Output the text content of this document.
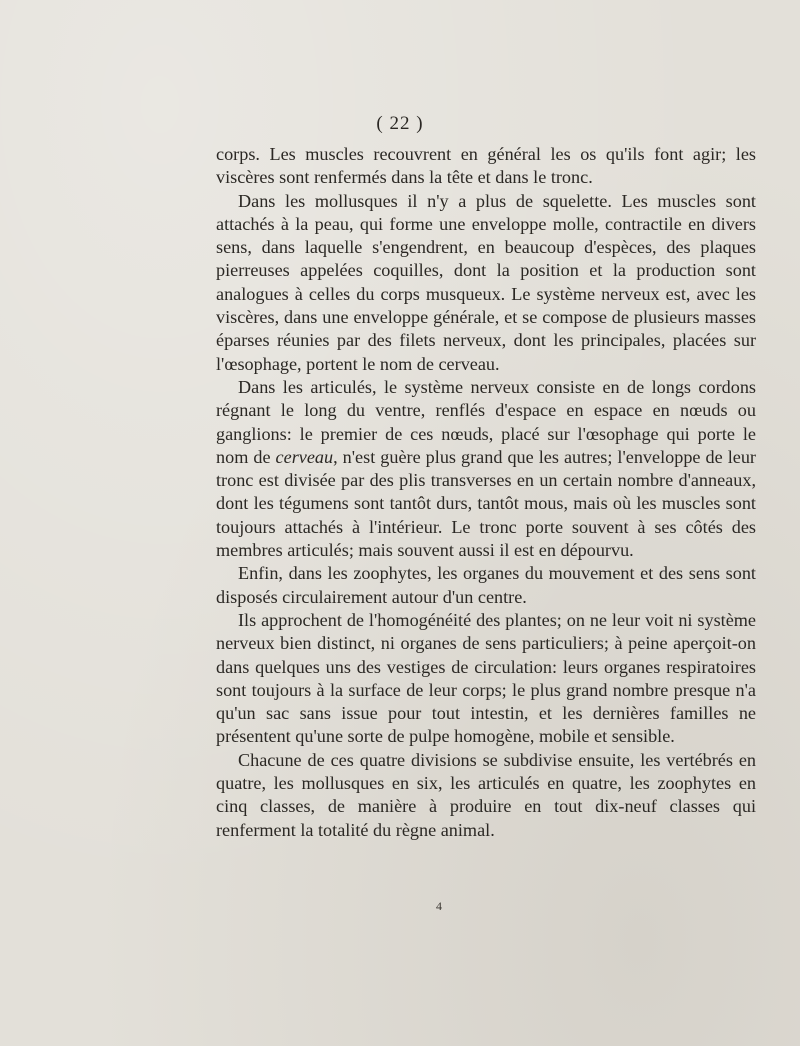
( 22 )

corps. Les muscles recouvrent en général les os qu'ils font agir; les viscères sont renfermés dans la tête et dans le tronc.

Dans les mollusques il n'y a plus de squelette. Les muscles sont attachés à la peau, qui forme une enveloppe molle, contractile en divers sens, dans laquelle s'engendrent, en beaucoup d'espèces, des plaques pierreuses appelées coquilles, dont la position et la production sont analogues à celles du corps musqueux. Le système nerveux est, avec les viscères, dans une enveloppe générale, et se compose de plusieurs masses éparses réunies par des filets nerveux, dont les principales, placées sur l'œsophage, portent le nom de cerveau.

Dans les articulés, le système nerveux consiste en de longs cordons régnant le long du ventre, renflés d'espace en espace en nœuds ou ganglions: le premier de ces nœuds, placé sur l'œsophage qui porte le nom de cerveau, n'est guère plus grand que les autres; l'enveloppe de leur tronc est divisée par des plis transverses en un certain nombre d'anneaux, dont les tégumens sont tantôt durs, tantôt mous, mais où les muscles sont toujours attachés à l'intérieur. Le tronc porte souvent à ses côtés des membres articulés; mais souvent aussi il est en dépourvu.

Enfin, dans les zoophytes, les organes du mouvement et des sens sont disposés circulairement autour d'un centre.

Ils approchent de l'homogénéité des plantes; on ne leur voit ni système nerveux bien distinct, ni organes de sens particuliers; à peine aperçoit-on dans quelques uns des vestiges de circulation: leurs organes respiratoires sont toujours à la surface de leur corps; le plus grand nombre presque n'a qu'un sac sans issue pour tout intestin, et les dernières familles ne présentent qu'une sorte de pulpe homogène, mobile et sensible.

Chacune de ces quatre divisions se subdivise ensuite, les vertébrés en quatre, les mollusques en six, les articulés en quatre, les zoophytes en cinq classes, de manière à produire en tout dix-neuf classes qui renferment la totalité du règne animal.

4
